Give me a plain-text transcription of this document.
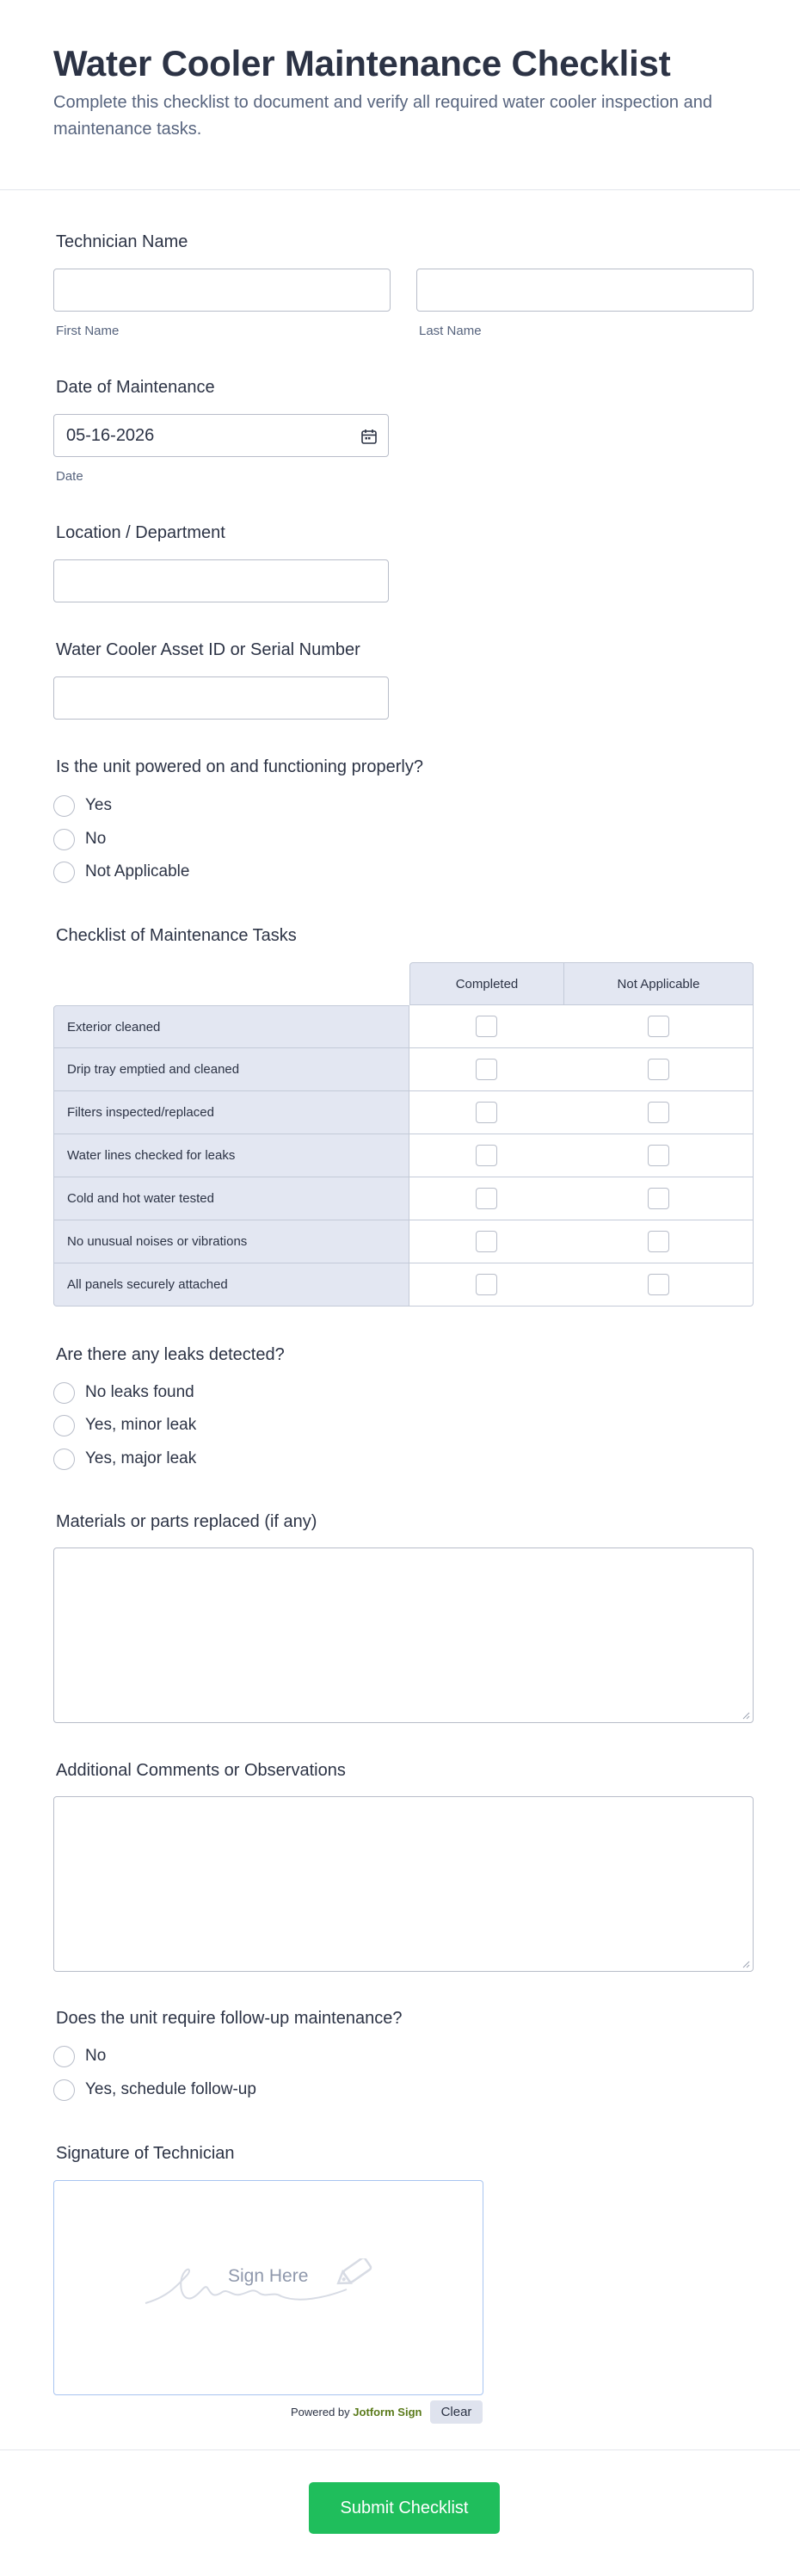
Water Cooler Maintenance Checklist
Complete this checklist to document and verify all required water cooler inspection and maintenance tasks.
Technician Name
First Name	Last Name
Date of Maintenance
05-16-2026
Date
Location / Department
Water Cooler Asset ID or Serial Number
Is the unit powered on and functioning properly?
Yes
No
Not Applicable
Checklist of Maintenance Tasks
Completed	Not Applicable
Exterior cleaned
Drip tray emptied and cleaned
Filters inspected/replaced
Water lines checked for leaks
Cold and hot water tested
No unusual noises or vibrations
All panels securely attached
Are there any leaks detected?
No leaks found
Yes, minor leak
Yes, major leak
Materials or parts replaced (if any)
Additional Comments or Observations
Does the unit require follow-up maintenance?
No
Yes, schedule follow-up
Signature of Technician
Sign Here
Powered by Jotform Sign	Clear
Submit Checklist
